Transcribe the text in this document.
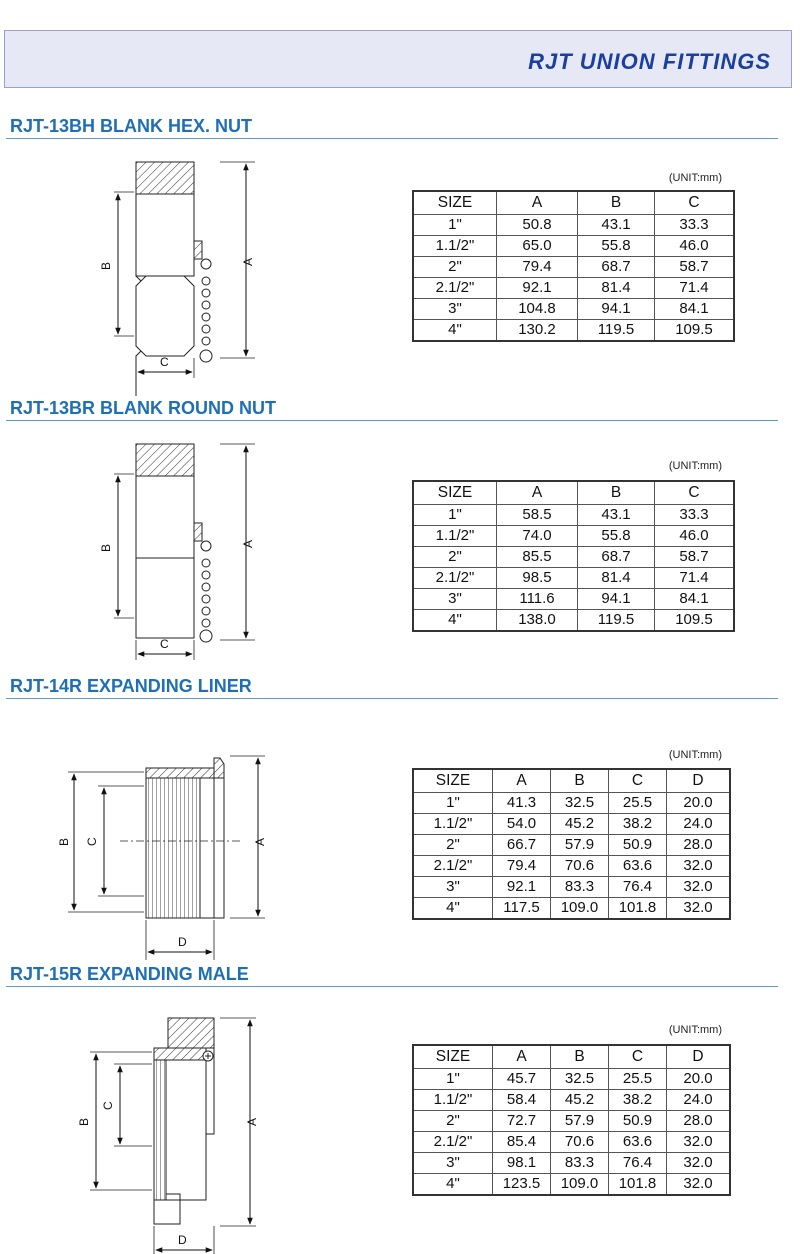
RJT UNION FITTINGS
RJT-13BH BLANK HEX. NUT
A
B
C
(UNIT:mm)
SIZE	A	B	C
1"	50.8	43.1	33.3
1.1/2"	65.0	55.8	46.0
2"	79.4	68.7	58.7
2.1/2"	92.1	81.4	71.4
3"	104.8	94.1	84.1
4"	130.2	119.5	109.5
RJT-13BR BLANK ROUND NUT
A
B
C
(UNIT:mm)
SIZE	A	B	C
1"	58.5	43.1	33.3
1.1/2"	74.0	55.8	46.0
2"	85.5	68.7	58.7
2.1/2"	98.5	81.4	71.4
3"	111.6	94.1	84.1
4"	138.0	119.5	109.5
RJT-14R EXPANDING LINER
A
B C
D
(UNIT:mm)
SIZE	A	B	C	D
1"	41.3	32.5	25.5	20.0
1.1/2"	54.0	45.2	38.2	24.0
2"	66.7	57.9	50.9	28.0
2.1/2"	79.4	70.6	63.6	32.0
3"	92.1	83.3	76.4	32.0
4"	117.5	109.0	101.8	32.0
RJT-15R EXPANDING MALE
A
B
C
D
(UNIT:mm)
SIZE	A	B	C	D
1"	45.7	32.5	25.5	20.0
1.1/2"	58.4	45.2	38.2	24.0
2"	72.7	57.9	50.9	28.0
2.1/2"	85.4	70.6	63.6	32.0
3"	98.1	83.3	76.4	32.0
4"	123.5	109.0	101.8	32.0
